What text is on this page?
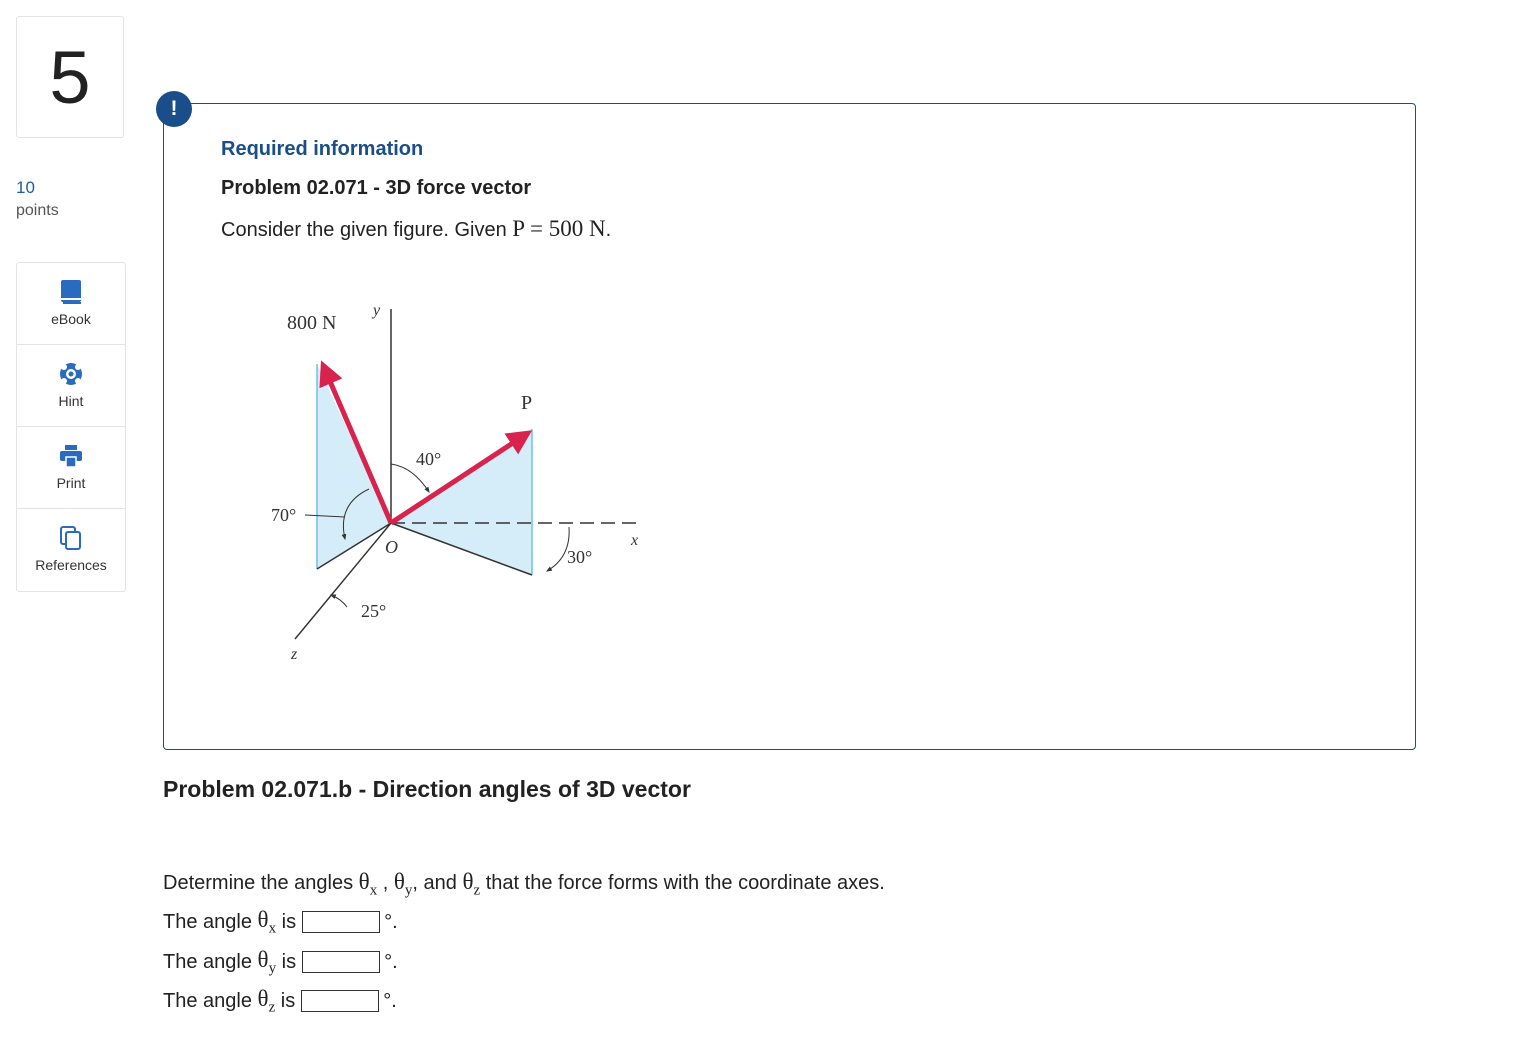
5
10
points
eBook
Hint
Print
References
!
Required information
Problem 02.071 - 3D force vector
Consider the given figure. Given P = 500 N.
800 N
y
P
40°
70°
O	x
30°
25°
z
Problem 02.071.b - Direction angles of 3D vector
Determine the angles $\theta_x$ , $\theta_y$, and $\theta_z$ that the force forms with the coordinate axes.
The angle
$\theta_x$
is	°.
The angle
$\theta_y$
is	°.
The angle
$\theta_z$
is	°.
